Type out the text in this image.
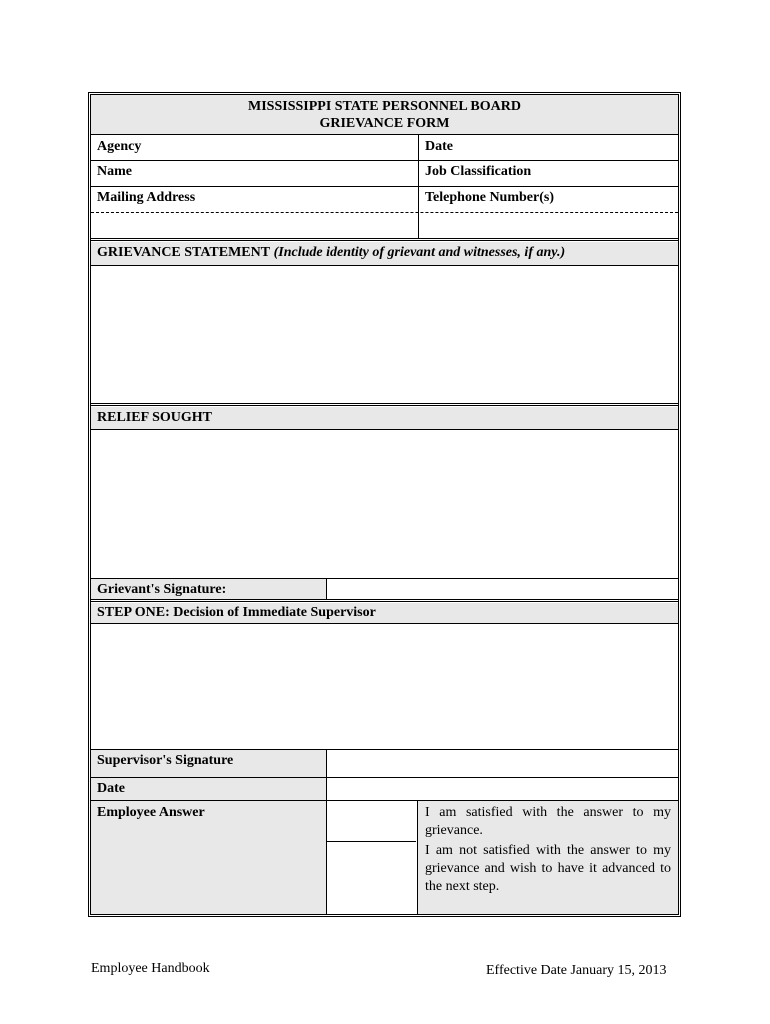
MISSISSIPPI STATE PERSONNEL BOARD
GRIEVANCE FORM
Agency	Date
Name	Job Classification
Mailing Address	Telephone Number(s)
GRIEVANCE STATEMENT (Include identity of grievant and witnesses, if any.)
RELIEF SOUGHT
Grievant's Signature:
STEP ONE: Decision of Immediate Supervisor
Supervisor's Signature
Date
Employee Answer	I am satisfied with the answer to my grievance.
I am not satisfied with the answer to my grievance and wish to have it advanced to the next step.
Employee Handbook	Effective Date January 15, 2013
